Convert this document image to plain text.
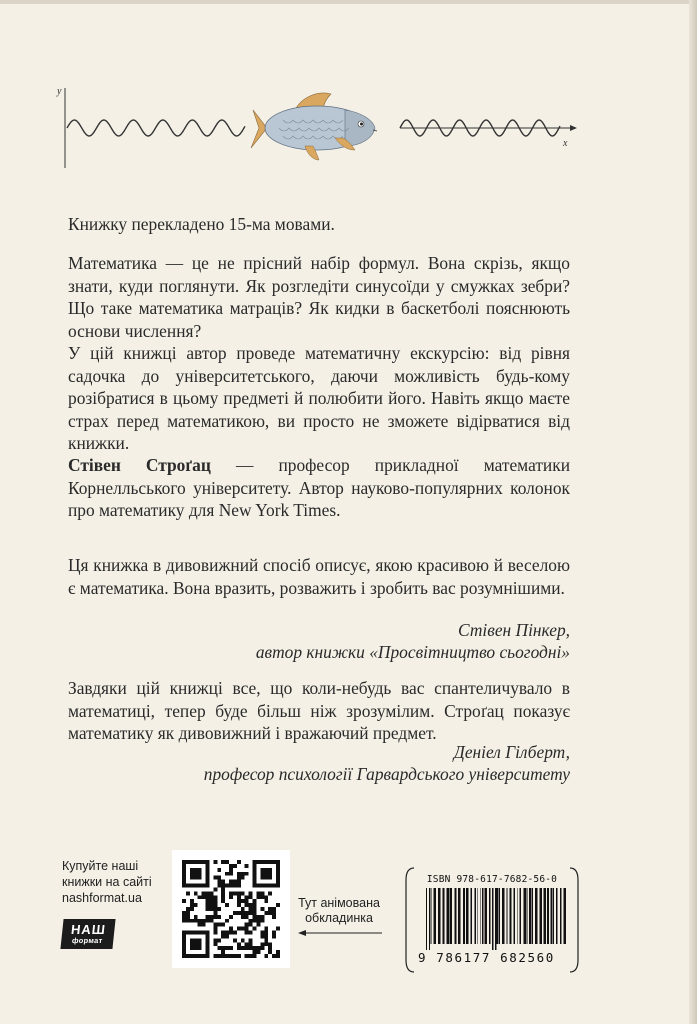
y
x
Книжку перекладено 15-ма мовами.
Математика — це не прісний набір формул. Вона скрізь, якщо знати, куди поглянути. Як розгледіти синусоїди у смужках зебри? Що таке математика матраців? Як кидки в баскетболі пояснюють основи числення?
У цій книжці автор проведе математичну екскурсію: від рівня садочка до університетського, даючи можливість будь-кому розібратися в цьому предметі й полюбити його. Навіть якщо маєте страх перед математикою, ви просто не зможете відірватися від книжки.
Стівен Строґац — професор прикладної математики Корнелльського університету. Автор науково-популярних колонок про математику для New York Times.
Ця книжка в дивовижний спосіб описує, якою красивою й веселою є математика. Вона вразить, розважить і зробить вас розумнішими.
Стівен Пінкер,
автор книжки «Просвітництво сьогодні»
Завдяки цій книжці все, що коли-небудь вас спантеличувало в математиці, тепер буде більш ніж зрозумілим. Строґац показує математику як дивовижний і вражаючий предмет.
Деніел Гілберт,
професор психології Гарвардського університету
Купуйте наші книжки на сайті nashformat.ua
НАШ
формат
Тут анімована обкладинка
ISBN 978-617-7682-56-0
9 786177 682560
